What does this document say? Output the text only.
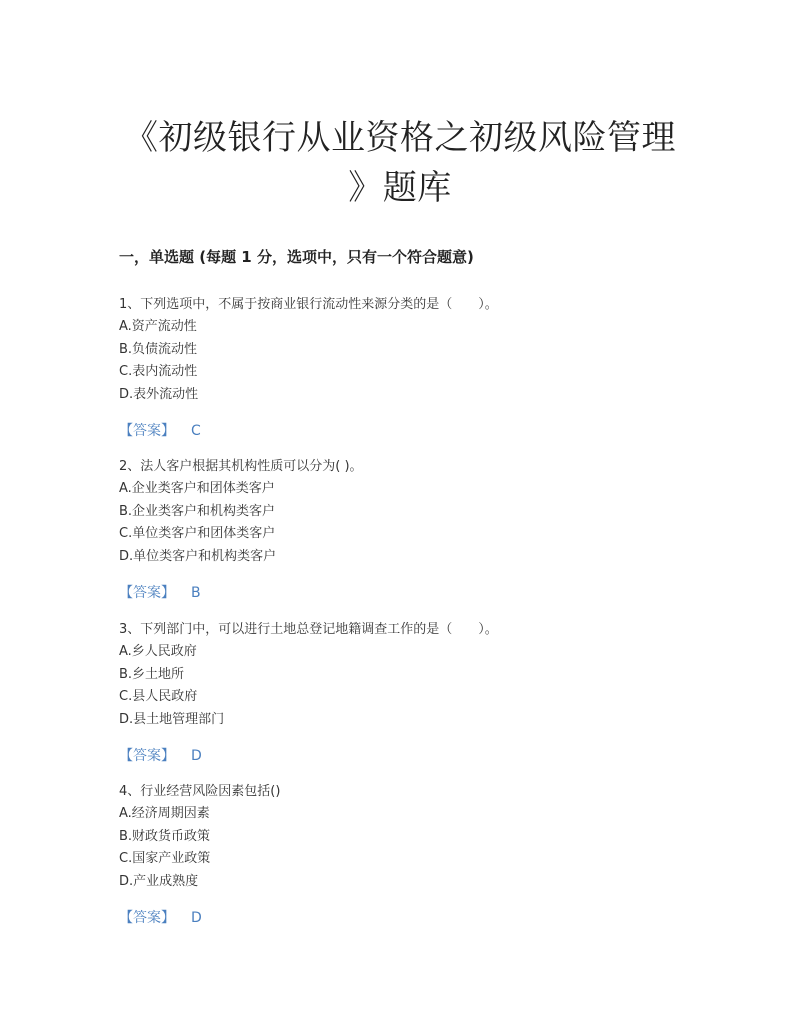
《初级银行从业资格之初级风险管理
》题库
一，单选题 (每题 1 分，选项中，只有一个符合题意)
1、下列选项中，不属于按商业银行流动性来源分类的是（　　）。
A.资产流动性
B.负债流动性
C.表内流动性
D.表外流动性
【答案】 C
2、法人客户根据其机构性质可以分为( )。
A.企业类客户和团体类客户
B.企业类客户和机构类客户
C.单位类客户和团体类客户
D.单位类客户和机构类客户
【答案】 B
3、下列部门中，可以进行土地总登记地籍调查工作的是（　　）。
A.乡人民政府
B.乡土地所
C.县人民政府
D.县土地管理部门
【答案】 D
4、行业经营风险因素包括()
A.经济周期因素
B.财政货币政策
C.国家产业政策
D.产业成熟度
【答案】 D
